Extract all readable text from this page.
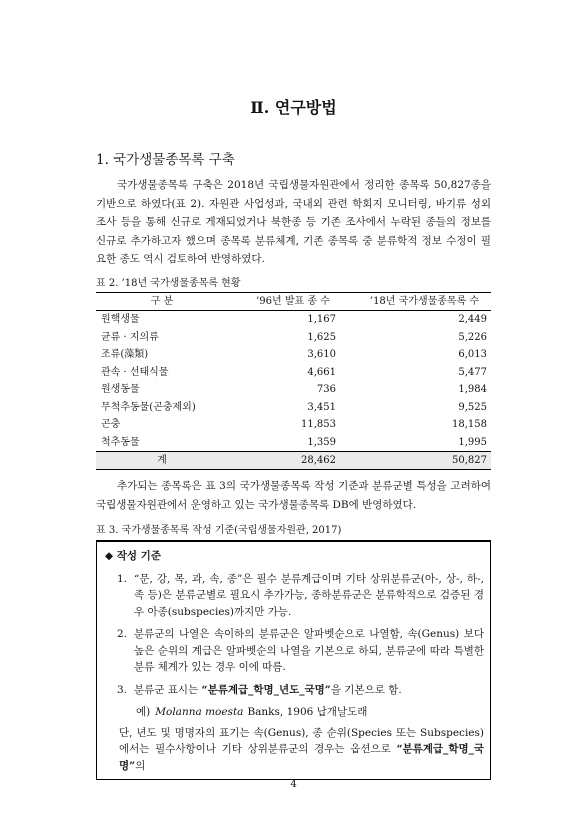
Ⅱ. 연구방법
1. 국가생물종목록 구축

국가생물종목록 구축은 2018년 국립생물자원관에서 정리한 종목록 50,827종을 기반으로 하였다(표 2). 자원관 사업성과, 국내외 관련 학회지 모니터링, 바기류 성외 조사 등을 통해 신규로 게재되었거나 북한종 등 기존 조사에서 누락된 종들의 정보를 신규로 추가하고자 했으며 종목록 분류체계, 기존 종목록 중 분류학적 정보 수정이 필요한 종도 역시 검토하여 반영하였다.

표 2. ’18년 국가생물종목록 현황
구 분	’96년 발표 종 수	’18년 국가생물종목록 수
원핵생물	1,167	2,449
균류 · 지의류	1,625	5,226
조류(藻類)	3,610	6,013
관속 · 선태식물	4,661	5,477
원생동물	736	1,984
무척추동물(곤충제외)	3,451	9,525
곤충	11,853	18,158
척추동물	1,359	1,995
계	28,462	50,827

추가되는 종목록은 표 3의 국가생물종목록 작성 기준과 분류군별 특성을 고려하여 국립생물자원관에서 운영하고 있는 국가생물종목록 DB에 반영하였다.

표 3. 국가생물종목록 작성 기준(국립생물자원관, 2017)
◆ 작성 기준
1. “문, 강, 목, 과, 속, 종”은 필수 분류계급이며 기타 상위분류군(아-, 상-, 하-, 족 등)은 분류군별로 필요시 추가가능, 종하분류군은 분류학적으로 검증된 경우 아종(subspecies)까지만 가능.
2. 분류군의 나열은 속이하의 분류군은 알파벳순으로 나열함, 속(Genus) 보다 높은 순위의 계급은 알파벳순의 나열을 기본으로 하되, 분류군에 따라 특별한 분류 체계가 있는 경우 이에 따름.
3. 분류군 표시는 “분류계급_학명_년도_국명”을 기본으로 함.
예) Molanna moesta Banks, 1906 납개날도래
단, 년도 및 명명자의 표기는 속(Genus), 종 순위(Species 또는 Subspecies)에서는 필수사항이나 기타 상위분류군의 경우는 옵션으로 “분류계급_학명_국명”의
4
